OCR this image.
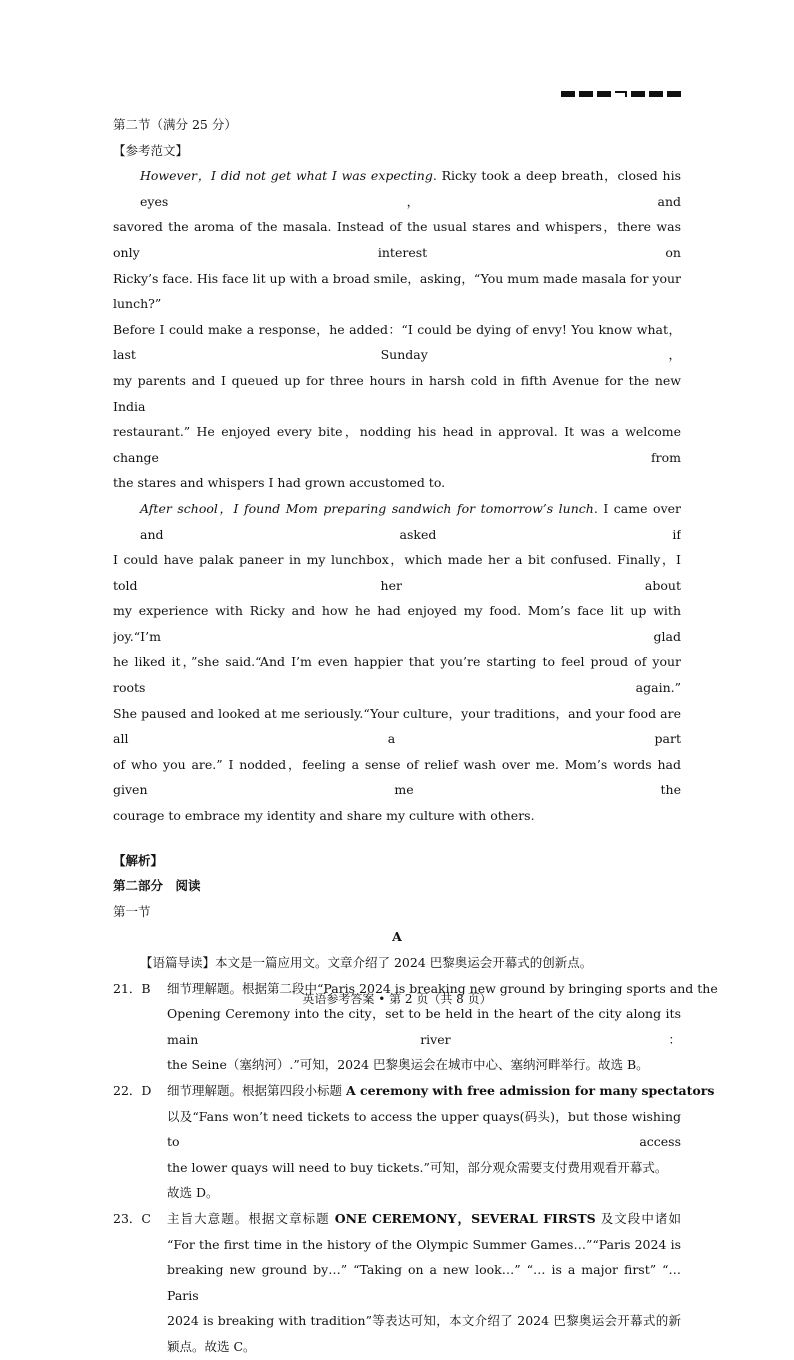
第二节（满分 25 分）

【参考范文】

However，I did not get what I was expecting. Ricky took a deep breath，closed his eyes，and

savored the aroma of the masala. Instead of the usual stares and whispers，there was only interest on

Ricky’s face. His face lit up with a broad smile，asking，“You mum made masala for your lunch?”

Before I could make a response，he added：“I could be dying of envy! You know what，last Sunday，

my parents and I queued up for three hours in harsh cold in fifth Avenue for the new India

restaurant.” He enjoyed every bite，nodding his head in approval. It was a welcome change from

the stares and whispers I had grown accustomed to.

After school，I found Mom preparing sandwich for tomorrow’s lunch. I came over and asked if

I could have palak paneer in my lunchbox，which made her a bit confused. Finally，I told her about

my experience with Ricky and how he had enjoyed my food. Mom’s face lit up with joy.“I’m glad

he liked it，”she said.“And I’m even happier that you’re starting to feel proud of your roots again.”

She paused and looked at me seriously.“Your culture，your traditions，and your food are all a part

of who you are.” I nodded，feeling a sense of relief wash over me. Mom’s words had given me the

courage to embrace my identity and share my culture with others.

【解析】

第二部分　阅读

第一节

A

【语篇导读】本文是一篇应用文。文章介绍了 2024 巴黎奥运会开幕式的创新点。

21．B	细节理解题。根据第二段中“Paris 2024 is breaking new ground by bringing sports and the

Opening Ceremony into the city，set to be held in the heart of the city along its main river：

the Seine（塞纳河）.”可知，2024 巴黎奥运会在城市中心、塞纳河畔举行。故选 B。

22．D	细节理解题。根据第四段小标题 A ceremony with free admission for many spectators

以及“Fans won’t need tickets to access the upper quays(码头)，but those wishing to access

the lower quays will need to buy tickets.”可知，部分观众需要支付费用观看开幕式。

故选 D。

23．C	主旨大意题。根据文章标题 ONE CEREMONY，SEVERAL FIRSTS 及文段中诸如

“For the first time in the history of the Olympic Summer Games…”“Paris 2024 is

breaking new ground by…” “Taking on a new look…” “… is a major first” “…Paris

2024 is breaking with tradition”等表达可知，本文介绍了 2024 巴黎奥运会开幕式的新

颖点。故选 C。

英语参考答案 • 第 2 页（共 8 页）
